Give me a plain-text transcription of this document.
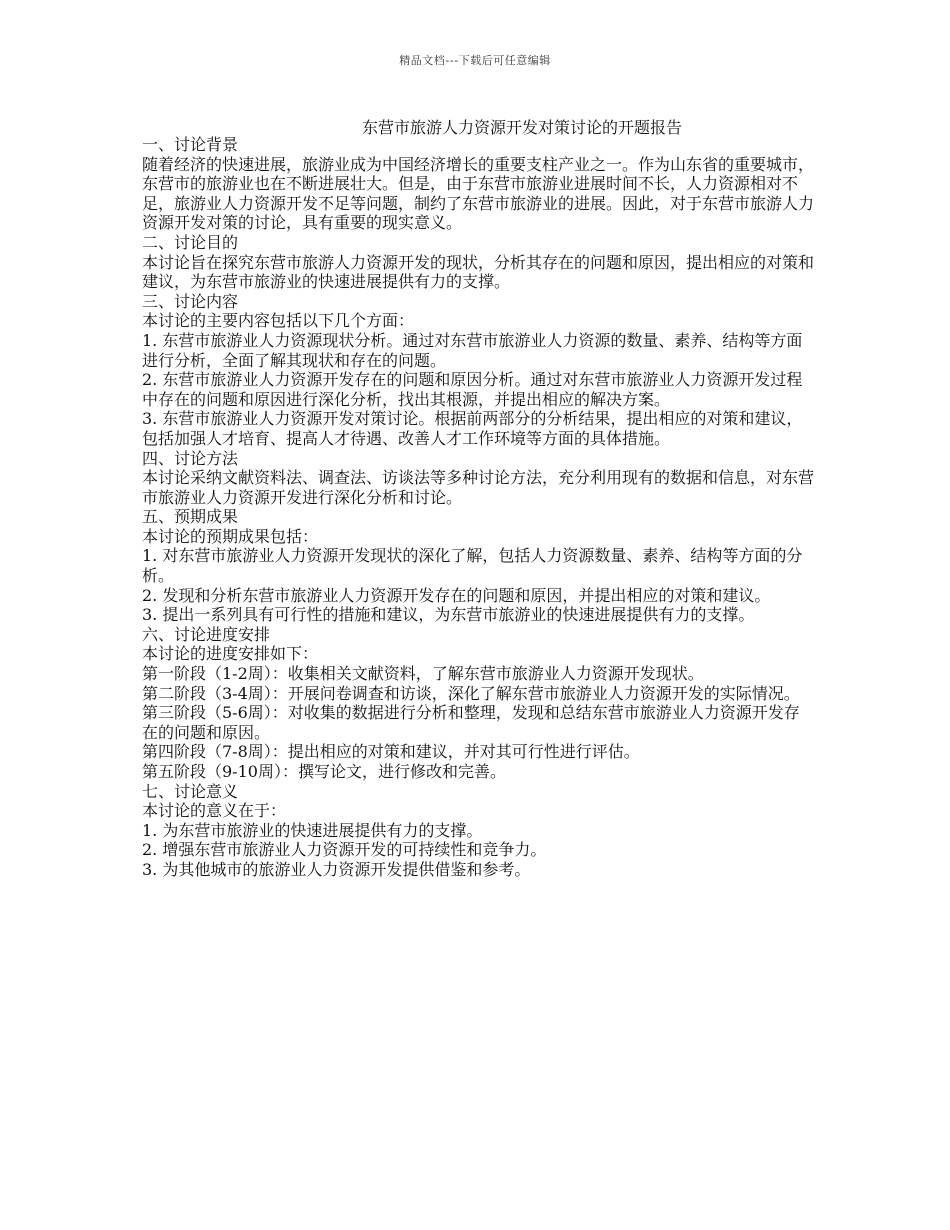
精品文档---下载后可任意编辑
东营市旅游人力资源开发对策讨论的开题报告

一、讨论背景

随着经济的快速进展，旅游业成为中国经济增长的重要支柱产业之一。作为山东省的重要城市，东营市的旅游业也在不断进展壮大。但是，由于东营市旅游业进展时间不长，人力资源相对不足，旅游业人力资源开发不足等问题，制约了东营市旅游业的进展。因此，对于东营市旅游人力资源开发对策的讨论，具有重要的现实意义。

二、讨论目的

本讨论旨在探究东营市旅游人力资源开发的现状，分析其存在的问题和原因，提出相应的对策和建议，为东营市旅游业的快速进展提供有力的支撑。

三、讨论内容

本讨论的主要内容包括以下几个方面：

1. 东营市旅游业人力资源现状分析。通过对东营市旅游业人力资源的数量、素养、结构等方面进行分析，全面了解其现状和存在的问题。

2. 东营市旅游业人力资源开发存在的问题和原因分析。通过对东营市旅游业人力资源开发过程中存在的问题和原因进行深化分析，找出其根源，并提出相应的解决方案。

3. 东营市旅游业人力资源开发对策讨论。根据前两部分的分析结果，提出相应的对策和建议，包括加强人才培育、提高人才待遇、改善人才工作环境等方面的具体措施。

四、讨论方法

本讨论采纳文献资料法、调查法、访谈法等多种讨论方法，充分利用现有的数据和信息，对东营市旅游业人力资源开发进行深化分析和讨论。

五、预期成果

本讨论的预期成果包括：

1. 对东营市旅游业人力资源开发现状的深化了解，包括人力资源数量、素养、结构等方面的分析。

2. 发现和分析东营市旅游业人力资源开发存在的问题和原因，并提出相应的对策和建议。

3. 提出一系列具有可行性的措施和建议，为东营市旅游业的快速进展提供有力的支撑。

六、讨论进度安排

本讨论的进度安排如下：

第一阶段（1-2周）：收集相关文献资料，了解东营市旅游业人力资源开发现状。

第二阶段（3-4周）：开展问卷调查和访谈，深化了解东营市旅游业人力资源开发的实际情况。

第三阶段（5-6周）：对收集的数据进行分析和整理，发现和总结东营市旅游业人力资源开发存在的问题和原因。

第四阶段（7-8周）：提出相应的对策和建议，并对其可行性进行评估。

第五阶段（9-10周）：撰写论文，进行修改和完善。

七、讨论意义

本讨论的意义在于：

1. 为东营市旅游业的快速进展提供有力的支撑。

2. 增强东营市旅游业人力资源开发的可持续性和竞争力。

3. 为其他城市的旅游业人力资源开发提供借鉴和参考。
